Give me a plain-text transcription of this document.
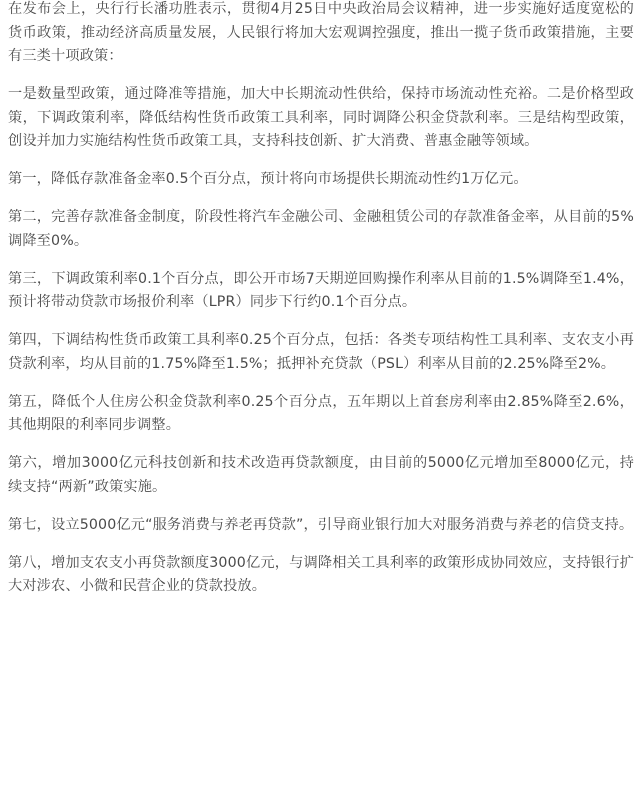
在发布会上，央行行长潘功胜表示，贯彻4月25日中央政治局会议精神，进一步实施好适度宽松的货币政策，推动经济高质量发展，人民银行将加大宏观调控强度，推出一揽子货币政策措施，主要有三类十项政策：

一是数量型政策，通过降准等措施，加大中长期流动性供给，保持市场流动性充裕。二是价格型政策，下调政策利率，降低结构性货币政策工具利率，同时调降公积金贷款利率。三是结构型政策，创设并加力实施结构性货币政策工具，支持科技创新、扩大消费、普惠金融等领域。

第一，降低存款准备金率0.5个百分点，预计将向市场提供长期流动性约1万亿元。

第二，完善存款准备金制度，阶段性将汽车金融公司、金融租赁公司的存款准备金率，从目前的5%调降至0%。

第三，下调政策利率0.1个百分点，即公开市场7天期逆回购操作利率从目前的1.5%调降至1.4%，预计将带动贷款市场报价利率（LPR）同步下行约0.1个百分点。

第四，下调结构性货币政策工具利率0.25个百分点，包括：各类专项结构性工具利率、支农支小再贷款利率，均从目前的1.75%降至1.5%；抵押补充贷款（PSL）利率从目前的2.25%降至2%。

第五，降低个人住房公积金贷款利率0.25个百分点，五年期以上首套房利率由2.85%降至2.6%，其他期限的利率同步调整。

第六，增加3000亿元科技创新和技术改造再贷款额度，由目前的5000亿元增加至8000亿元，持续支持“两新”政策实施。

第七，设立5000亿元“服务消费与养老再贷款”，引导商业银行加大对服务消费与养老的信贷支持。

第八，增加支农支小再贷款额度3000亿元，与调降相关工具利率的政策形成协同效应，支持银行扩大对涉农、小微和民营企业的贷款投放。
